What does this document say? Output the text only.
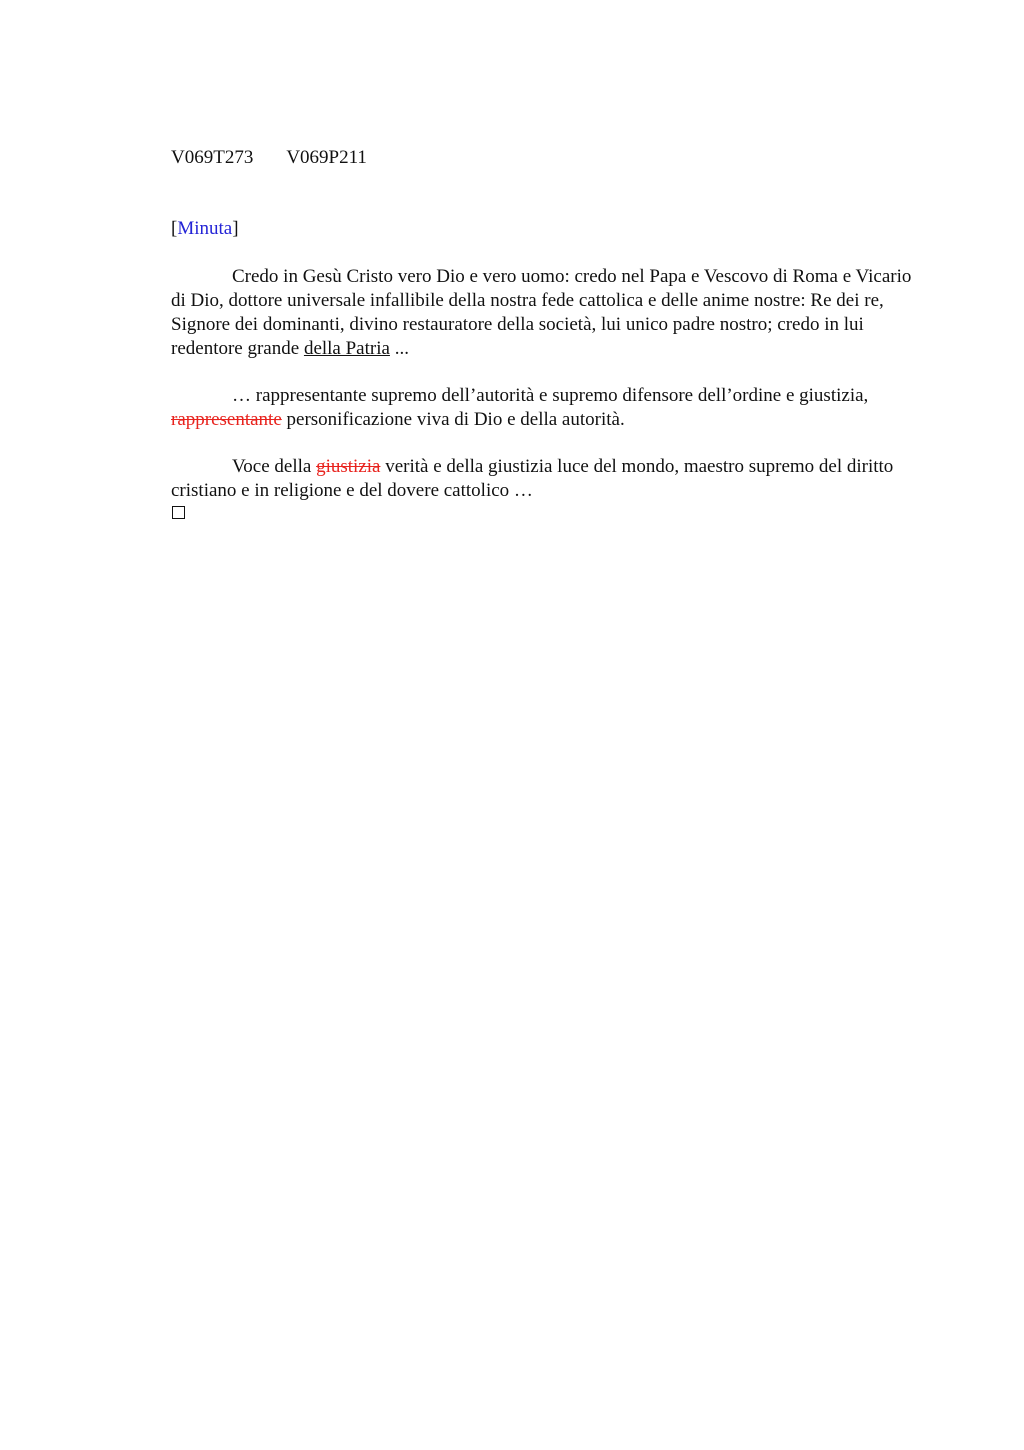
V069T273 V069P211
[Minuta]

Credo in Gesù Cristo vero Dio e vero uomo: credo nel Papa e Vescovo di Roma e Vicario di Dio, dottore universale infallibile della nostra fede cattolica e delle anime nostre: Re dei re, Signore dei dominanti, divino restauratore della società, lui unico padre nostro; credo in lui redentore grande della Patria ...

… rappresentante supremo dell’autorità e supremo difensore dell’ordine e giustizia, rappresentante personificazione viva di Dio e della autorità.

Voce della giustizia verità e della giustizia luce del mondo, maestro supremo del diritto cristiano e in religione e del dovere cattolico …
